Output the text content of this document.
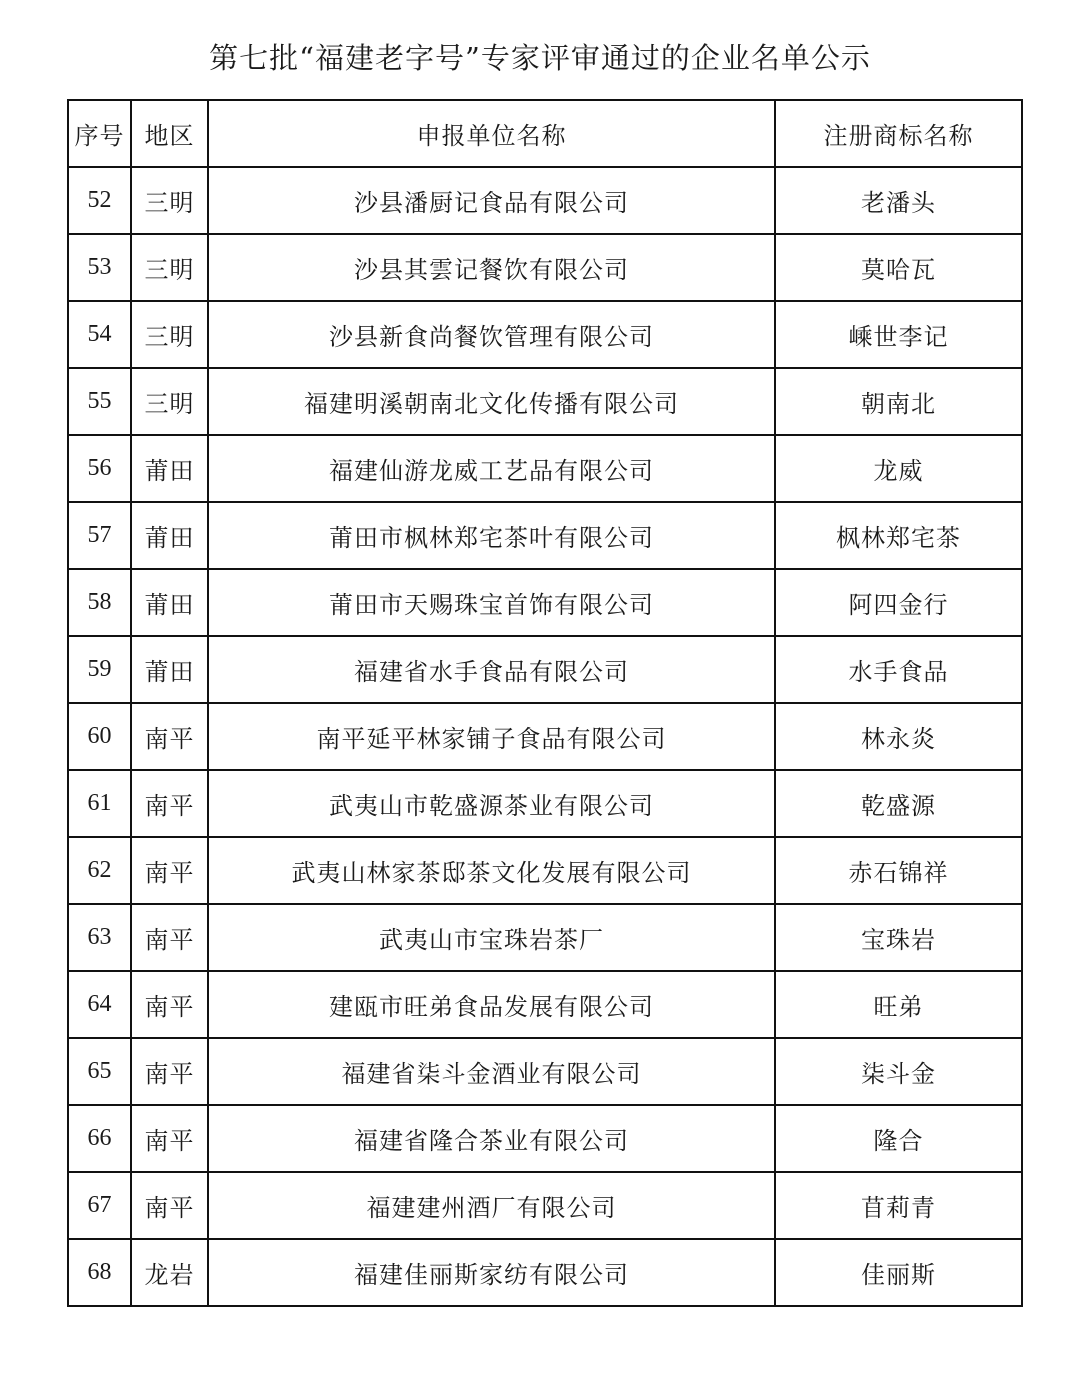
第七批“福建老字号”专家评审通过的企业名单公示
序号	地区	申报单位名称	注册商标名称
52	三明	沙县潘厨记食品有限公司	老潘头
53	三明	沙县其雲记餐饮有限公司	莫哈瓦
54	三明	沙县新食尚餐饮管理有限公司	嵊世李记
55	三明	福建明溪朝南北文化传播有限公司	朝南北
56	莆田	福建仙游龙威工艺品有限公司	龙威
57	莆田	莆田市枫林郑宅茶叶有限公司	枫林郑宅茶
58	莆田	莆田市天赐珠宝首饰有限公司	阿四金行
59	莆田	福建省水手食品有限公司	水手食品
60	南平	南平延平林家铺子食品有限公司	林永炎
61	南平	武夷山市乾盛源茶业有限公司	乾盛源
62	南平	武夷山林家茶邸茶文化发展有限公司	赤石锦祥
63	南平	武夷山市宝珠岩茶厂	宝珠岩
64	南平	建瓯市旺弟食品发展有限公司	旺弟
65	南平	福建省柒斗金酒业有限公司	柒斗金
66	南平	福建省隆合茶业有限公司	隆合
67	南平	福建建州酒厂有限公司	苜莉青
68	龙岩	福建佳丽斯家纺有限公司	佳丽斯
